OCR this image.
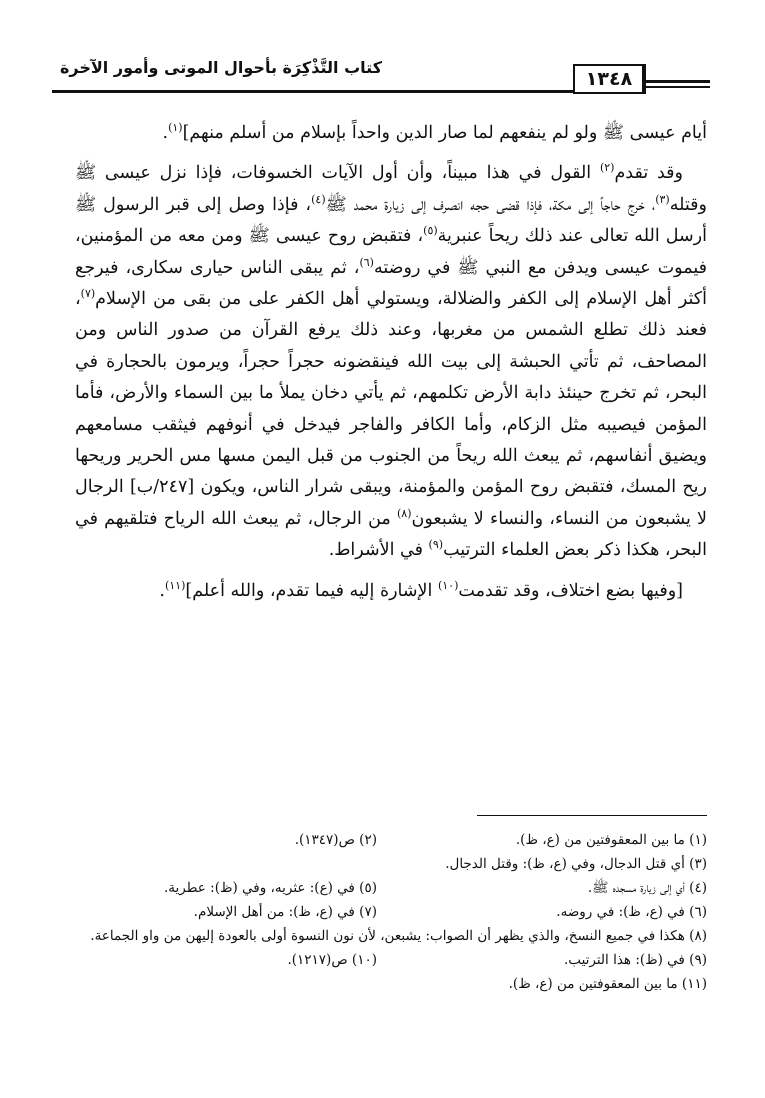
كتاب التَّذْكِرَة بأحوال الموتى وأمور الآخرة
١٣٤٨

أيام عيسى ﷺ ولو لم ينفعهم لما صار الدين واحداً بإسلام من أسلم منهم]$^{(١)}$.

وقد تقدم$^{(٢)}$ القول في هذا مبيناً، وأن أول الآيات الخسوفات، فإذا نزل عيسى ﷺ وقتله$^{(٣)}$، خرج حاجاً إلى مكة، فإذا قضى حجه انصرف إلى زيارة محمد ﷺ$^{(٤)}$، فإذا وصل إلى قبر الرسول ﷺ أرسل الله تعالى عند ذلك ريحاً عنبرية$^{(٥)}$، فتقبض روح عيسى ﷺ ومن معه من المؤمنين، فيموت عيسى ويدفن مع النبي ﷺ في روضته$^{(٦)}$، ثم يبقى الناس حيارى سكارى، فيرجع أكثر أهل الإسلام إلى الكفر والضلالة، ويستولي أهل الكفر على من بقى من الإسلام$^{(٧)}$، فعند ذلك تطلع الشمس من مغربها، وعند ذلك يرفع القرآن من صدور الناس ومن المصاحف، ثم تأتي الحبشة إلى بيت الله فينقضونه حجراً حجراً، ويرمون بالحجارة في البحر، ثم تخرج حينئذ دابة الأرض تكلمهم، ثم يأتي دخان يملأ ما بين السماء والأرض، فأما المؤمن فيصيبه مثل الزكام، وأما الكافر والفاجر فيدخل في أنوفهم فيثقب مسامعهم ويضيق أنفاسهم، ثم يبعث الله ريحاً من الجنوب من قبل اليمن مسها مس الحرير وريحها ريح المسك، فتقبض روح المؤمن والمؤمنة، ويبقى شرار الناس، ويكون [٢٤٧/ب] الرجال لا يشبعون من النساء، والنساء لا يشبعون$^{(٨)}$ من الرجال، ثم يبعث الله الرياح فتلقيهم في البحر، هكذا ذكر بعض العلماء الترتيب$^{(٩)}$ في الأشراط.

[وفيها بضع اختلاف، وقد تقدمت$^{(١٠)}$ الإشارة إليه فيما تقدم، والله أعلم]$^{(١١)}$.

(١) ما بين المعقوفتين من (ع، ظ).
(٢) ص(١٣٤٧).
(٣) أي قتل الدجال، وفي (ع، ظ): وقتل الدجال.
(٤) أي إلى زيارة مسجده ﷺ.
(٥) في (ع): عثريه، وفي (ظ): عطرية.
(٦) في (ع، ظ): في روضه.
(٧) في (ع، ظ): من أهل الإسلام.
(٨) هكذا في جميع النسخ، والذي يظهر أن الصواب: يشبعن، لأن نون النسوة أولى بالعودة إليهن من واو الجماعة.
(٩) في (ظ): هذا الترتيب.
(١٠) ص(١٢١٧).
(١١) ما بين المعقوفتين من (ع، ظ).
